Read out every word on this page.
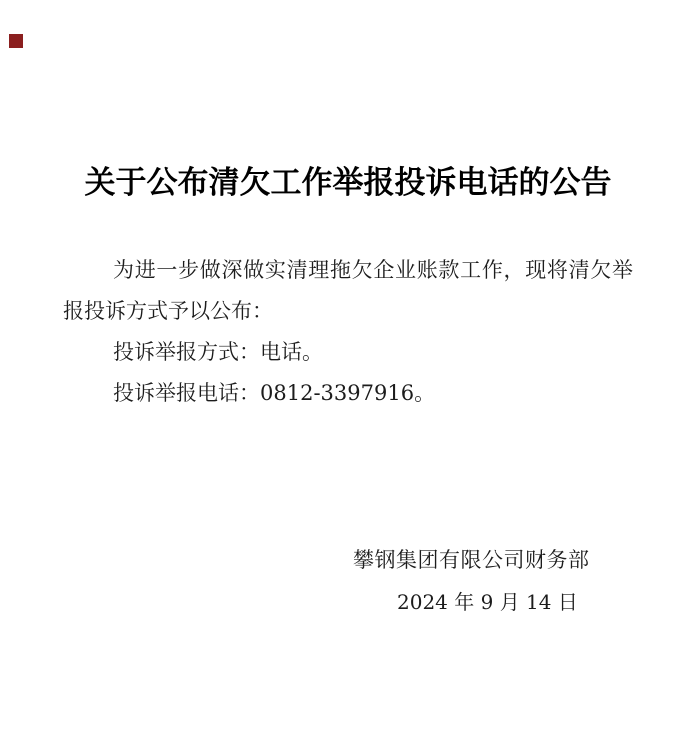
关于公布清欠工作举报投诉电话的公告
为进一步做深做实清理拖欠企业账款工作，现将清欠举
报投诉方式予以公布：
投诉举报方式：电话。
投诉举报电话：0812-3397916。
攀钢集团有限公司财务部
2024 年 9 月 14 日
